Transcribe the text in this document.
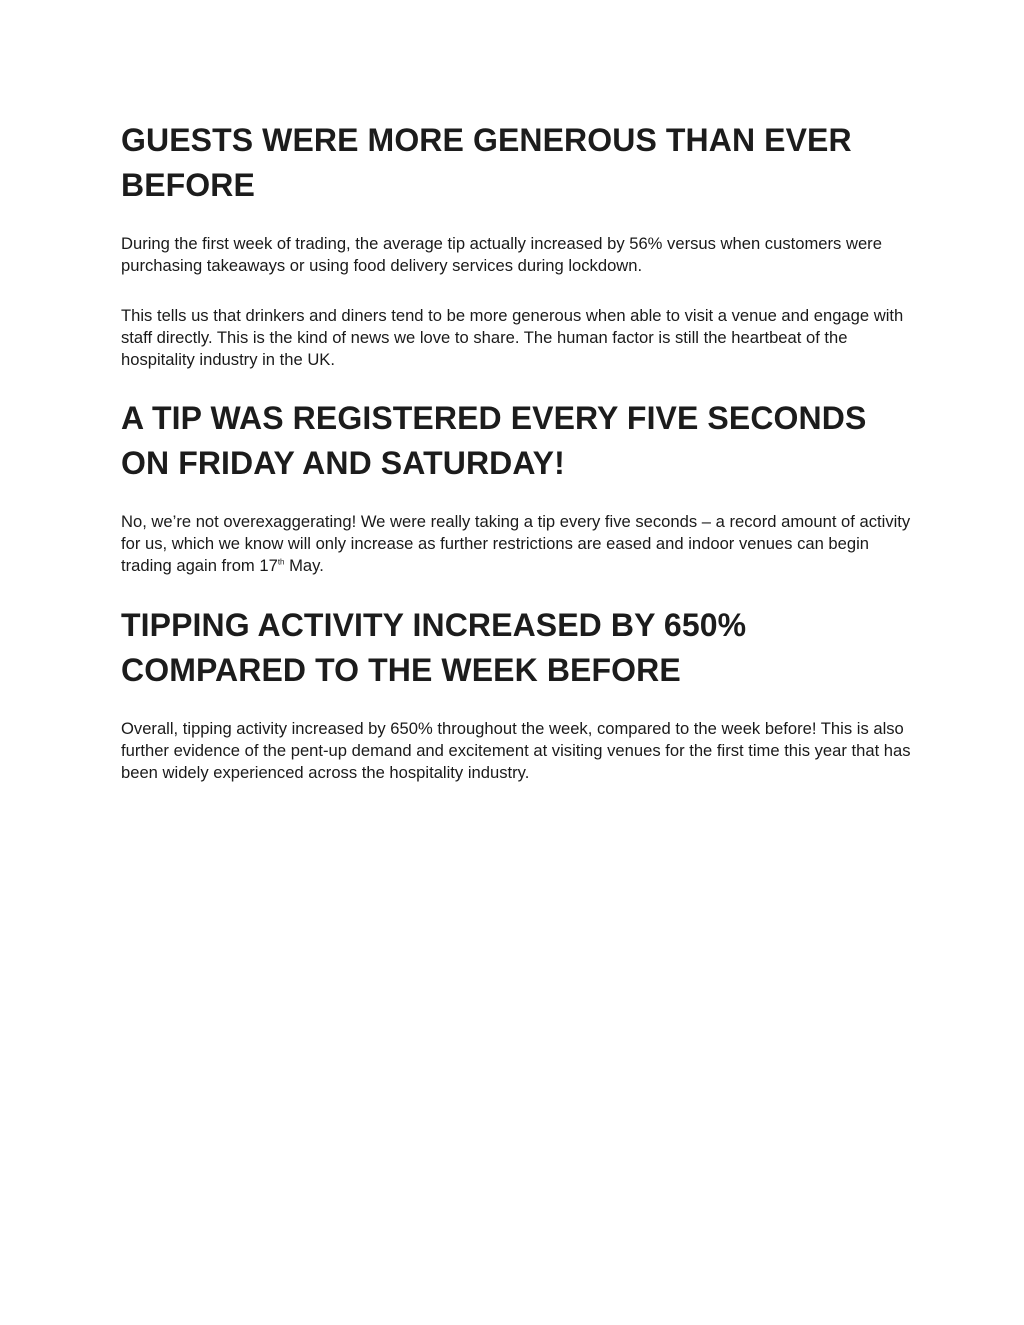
GUESTS WERE MORE GENEROUS THAN EVER BEFORE

During the first week of trading, the average tip actually increased by 56% versus when customers were purchasing takeaways or using food delivery services during lockdown.

This tells us that drinkers and diners tend to be more generous when able to visit a venue and engage with staff directly. This is the kind of news we love to share. The human factor is still the heartbeat of the hospitality industry in the UK.

A TIP WAS REGISTERED EVERY FIVE SECONDS ON FRIDAY AND SATURDAY!

No, we’re not overexaggerating! We were really taking a tip every five seconds – a record amount of activity for us, which we know will only increase as further restrictions are eased and indoor venues can begin trading again from 17th May.

TIPPING ACTIVITY INCREASED BY 650% COMPARED TO THE WEEK BEFORE

Overall, tipping activity increased by 650% throughout the week, compared to the week before! This is also further evidence of the pent-up demand and excitement at visiting venues for the first time this year that has been widely experienced across the hospitality industry.
